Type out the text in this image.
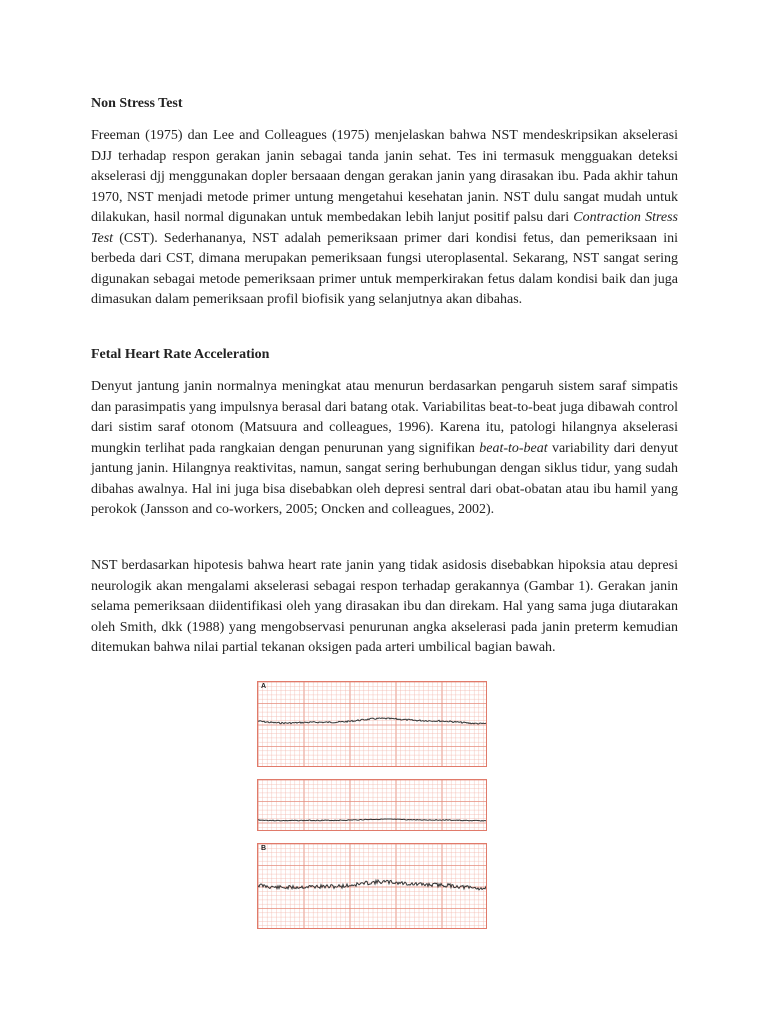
Non Stress Test

Freeman (1975) dan Lee and Colleagues (1975) menjelaskan bahwa NST mendeskripsikan akselerasi DJJ terhadap respon gerakan janin sebagai tanda janin sehat. Tes ini termasuk mengguakan deteksi akselerasi djj menggunakan dopler bersaaan dengan gerakan janin yang dirasakan ibu. Pada akhir tahun 1970, NST menjadi metode primer untung mengetahui kesehatan janin. NST dulu sangat mudah untuk dilakukan, hasil normal digunakan untuk membedakan lebih lanjut positif palsu dari Contraction Stress Test (CST). Sederhananya, NST adalah pemeriksaan primer dari kondisi fetus, dan pemeriksaan ini berbeda dari CST, dimana merupakan pemeriksaan fungsi uteroplasental. Sekarang, NST sangat sering digunakan sebagai metode pemeriksaan primer untuk memperkirakan fetus dalam kondisi baik dan juga dimasukan dalam pemeriksaan profil biofisik yang selanjutnya akan dibahas.

Fetal Heart Rate Acceleration

Denyut jantung janin normalnya meningkat atau menurun berdasarkan pengaruh sistem saraf simpatis dan parasimpatis yang impulsnya berasal dari batang otak. Variabilitas beat-to-beat juga dibawah control dari sistim saraf otonom (Matsuura and colleagues, 1996). Karena itu, patologi hilangnya akselerasi mungkin terlihat pada rangkaian dengan penurunan yang signifikan beat-to-beat variability dari denyut jantung janin. Hilangnya reaktivitas, namun, sangat sering berhubungan dengan siklus tidur, yang sudah dibahas awalnya. Hal ini juga bisa disebabkan oleh depresi sentral dari obat-obatan atau ibu hamil yang perokok (Jansson and co-workers, 2005; Oncken and colleagues, 2002).

NST berdasarkan hipotesis bahwa heart rate janin yang tidak asidosis disebabkan hipoksia atau depresi neurologik akan mengalami akselerasi sebagai respon terhadap gerakannya (Gambar 1). Gerakan janin selama pemeriksaan diidentifikasi oleh yang dirasakan ibu dan direkam. Hal yang sama juga diutarakan oleh Smith, dkk (1988) yang mengobservasi penurunan angka akselerasi pada janin preterm kemudian ditemukan bahwa nilai partial tekanan oksigen pada arteri umbilical bagian bawah.

A
B
